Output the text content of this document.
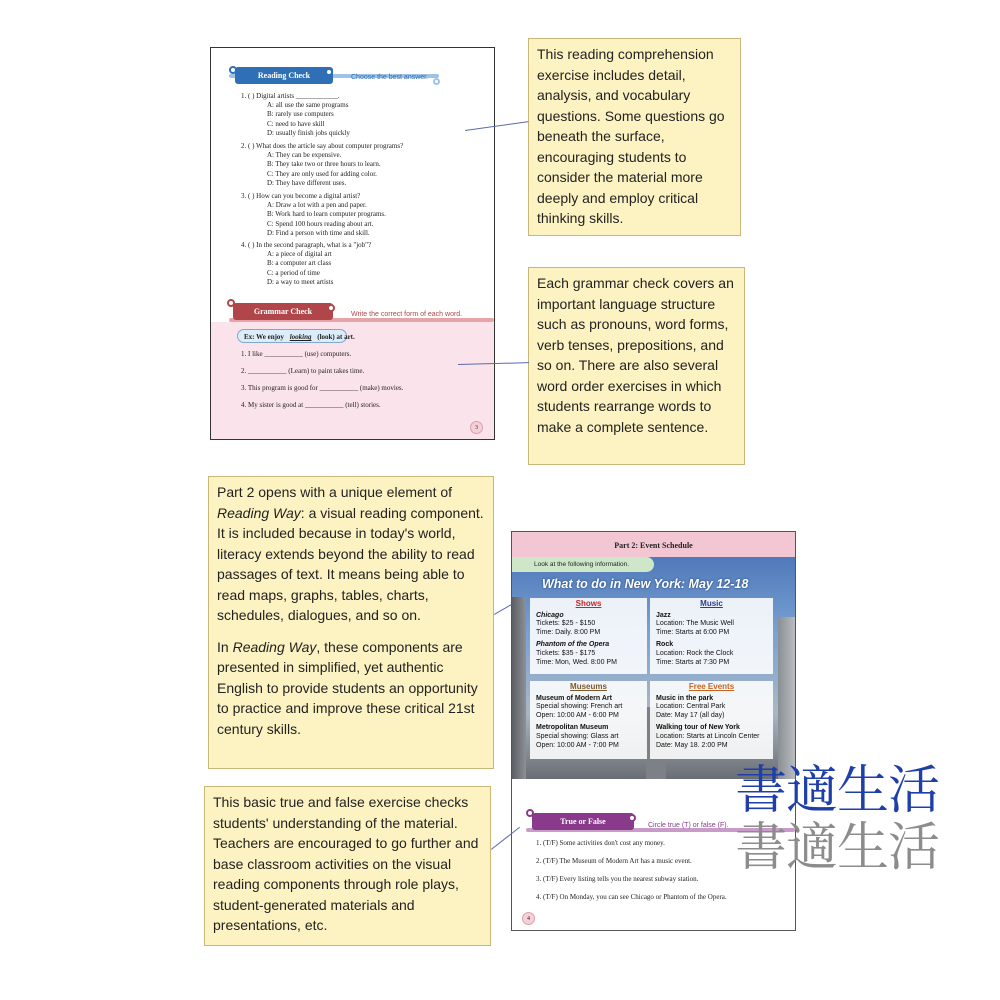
Reading Check	Choose the best answer.
1. ( ) Digital artists ____________.
A: all use the same programs
B: rarely use computers
C: need to have skill
D: usually finish jobs quickly
2. ( ) What does the article say about computer programs?
A: They can be expensive.
B: They take two or three hours to learn.
C: They are only used for adding color.
D: They have different uses.
3. ( ) How can you become a digital artist?
A: Draw a lot with a pen and paper.
B: Work hard to learn computer programs.
C: Spend 100 hours reading about art.
D: Find a person with time and skill.
4. ( ) In the second paragraph, what is a "job"?
A: a piece of digital art
B: a computer art class
C: a period of time
D: a way to meet artists
Grammar Check	Write the correct form of each word.
Ex: We enjoy looking (look) at art.
1. I like ___________ (use) computers.
2. ___________ (Learn) to paint takes time.
3. This program is good for ___________ (make) movies.
4. My sister is good at ___________ (tell) stories.
3
Part 2: Event Schedule
Look at the following information.
What to do in New York: May 12-18
Shows
Chicago
Tickets: $25 - $150
Time: Daily. 8:00 PM
Phantom of the Opera
Tickets: $35 - $175
Time: Mon, Wed. 8:00 PM
Music
Jazz
Location: The Music Well
Time: Starts at 6:00 PM
Rock
Location: Rock the Clock
Time: Starts at 7:30 PM
Museums
Museum of Modern Art
Special showing: French art
Open: 10:00 AM - 6:00 PM
Metropolitan Museum
Special showing: Glass art
Open: 10:00 AM - 7:00 PM
Free Events
Music in the park
Location: Central Park
Date: May 17 (all day)
Walking tour of New York
Location: Starts at Lincoln Center
Date: May 18. 2:00 PM
True or False	Circle true (T) or false (F).
1. (T/F) Some activities don't cost any money.
2. (T/F) The Museum of Modern Art has a music event.
3. (T/F) Every listing tells you the nearest subway station.
4. (T/F) On Monday, you can see Chicago or Phantom of the Opera.
4

This reading comprehension exercise includes detail, analysis, and vocabulary questions. Some questions go beneath the surface, encouraging students to consider the material more deeply and employ critical thinking skills.

Each grammar check covers an important language structure such as pronouns, word forms, verb tenses, prepositions, and so on. There are also several word order exercises in which students rearrange words to make a complete sentence.

Part 2 opens with a unique element of Reading Way: a visual reading component. It is included because in today's world, literacy extends beyond the ability to read passages of text. It means being able to read maps, graphs, tables, charts, schedules, dialogues, and so on.

In Reading Way, these components are presented in simplified, yet authentic English to provide students an opportunity to practice and improve these critical 21st century skills.

This basic true and false exercise checks students' understanding of the material. Teachers are encouraged to go further and base classroom activities on the visual reading components through role plays, student-generated materials and presentations, etc.

書適生活
書適生活
